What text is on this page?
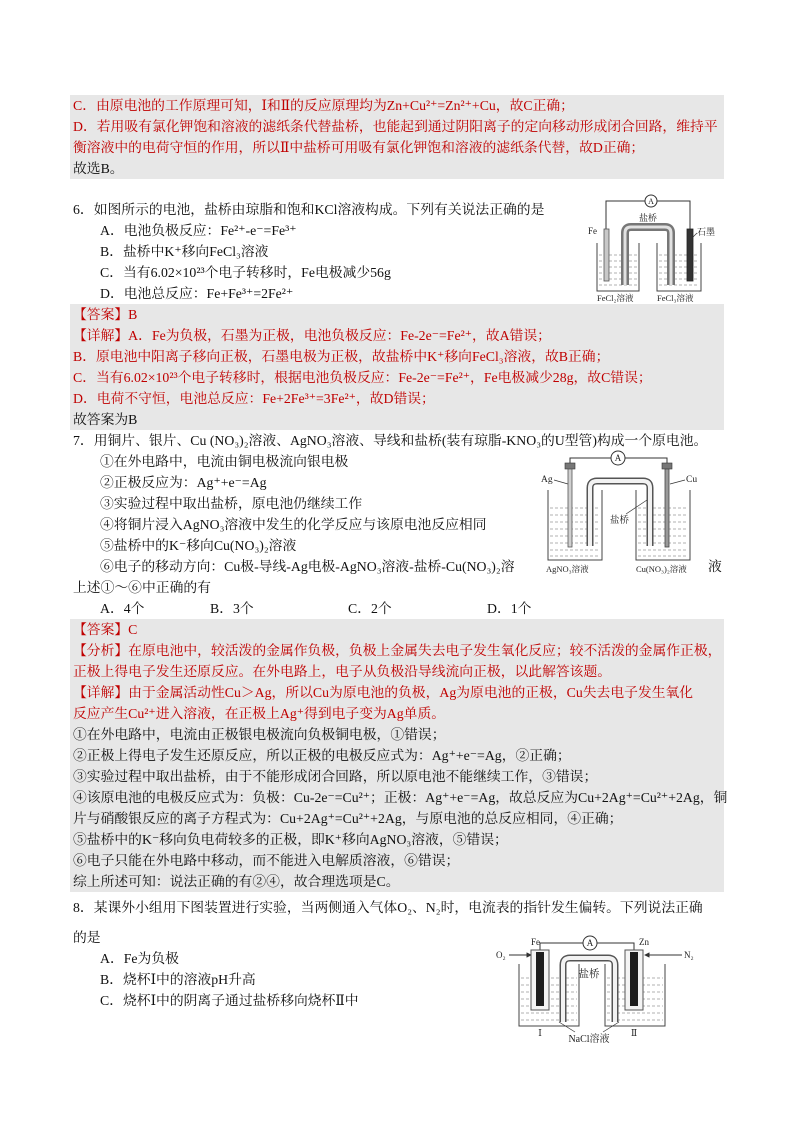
C．由原电池的工作原理可知，Ⅰ和Ⅱ的反应原理均为Zn+Cu²⁺=Zn²⁺+Cu，故C正确；
D．若用吸有氯化钾饱和溶液的滤纸条代替盐桥，也能起到通过阴阳离子的定向移动形成闭合回路，维持平
衡溶液中的电荷守恒的作用，所以Ⅱ中盐桥可用吸有氯化钾饱和溶液的滤纸条代替，故D正确；
故选B。
6．如图所示的电池，盐桥由琼脂和饱和KCl溶液构成。下列有关说法正确的是
A．电池负极反应：Fe²⁺-e⁻=Fe³⁺
B．盐桥中K⁺移向FeCl₃溶液
C．当有6.02×10²³个电子转移时，Fe电极减少56g
D．电池总反应：Fe+Fe³⁺=2Fe²⁺
【答案】B
【详解】A．Fe为负极，石墨为正极，电池负极反应：Fe-2e⁻=Fe²⁺，故A错误；
B．原电池中阳离子移向正极，石墨电极为正极，故盐桥中K⁺移向FeCl₃溶液，故B正确；
C．当有6.02×10²³个电子转移时，根据电池负极反应：Fe-2e⁻=Fe²⁺，Fe电极减少28g，故C错误；
D．电荷不守恒，电池总反应：Fe+2Fe³⁺=3Fe²⁺，故D错误；
故答案为B
A
Fe
盐桥
石墨
FeCl₂溶液	FeCl₃溶液
7．用铜片、银片、Cu (NO₃)₂溶液、AgNO₃溶液、导线和盐桥(装有琼脂-KNO₃的U型管)构成一个原电池。
①在外电路中，电流由铜电极流向银电极
②正极反应为：Ag⁺+e⁻=Ag
③实验过程中取出盐桥，原电池仍继续工作
④将铜片浸入AgNO₃溶液中发生的化学反应与该原电池反应相同
⑤盐桥中的K⁻移向Cu(NO₃)₂溶液
⑥电子的移动方向：Cu极-导线-Ag电极-AgNO₃溶液-盐桥-Cu(NO₃)₂溶	液
上述①～⑥中正确的有
A．4个	B．3个	C．2个	D．1个
A
Ag	Cu
盐桥
AgNO₃溶液	Cu(NO₃)₂溶液
【答案】C
【分析】在原电池中，较活泼的金属作负极，负极上金属失去电子发生氧化反应；较不活泼的金属作正极，
正极上得电子发生还原反应。在外电路上，电子从负极沿导线流向正极，以此解答该题。
【详解】由于金属活动性Cu＞Ag，所以Cu为原电池的负极，Ag为原电池的正极，Cu失去电子发生氧化
反应产生Cu²⁺进入溶液，在正极上Ag⁺得到电子变为Ag单质。
①在外电路中，电流由正极银电极流向负极铜电极，①错误；
②正极上得电子发生还原反应，所以正极的电极反应式为：Ag⁺+e⁻=Ag，②正确；
③实验过程中取出盐桥，由于不能形成闭合回路，所以原电池不能继续工作，③错误；
④该原电池的电极反应式为：负极：Cu-2e⁻=Cu²⁺；正极：Ag⁺+e⁻=Ag，故总反应为Cu+2Ag⁺=Cu²⁺+2Ag，铜
片与硝酸银反应的离子方程式为：Cu+2Ag⁺=Cu²⁺+2Ag，与原电池的总反应相同，④正确；
⑤盐桥中的K⁻移向负电荷较多的正极，即K⁺移向AgNO₃溶液，⑤错误；
⑥电子只能在外电路中移动，而不能进入电解质溶液，⑥错误；
综上所述可知：说法正确的有②④，故合理选项是C。
8．某课外小组用下图装置进行实验，当两侧通入气体O₂、N₂时，电流表的指针发生偏转。下列说法正确
的是
A．Fe为负极
B．烧杯Ⅰ中的溶液pH升高
C．烧杯Ⅰ中的阴离子通过盐桥移向烧杯Ⅱ中
O₂
Fe	Zn
N₂
A
盐桥
Ⅰ	Ⅱ
NaCl溶液
